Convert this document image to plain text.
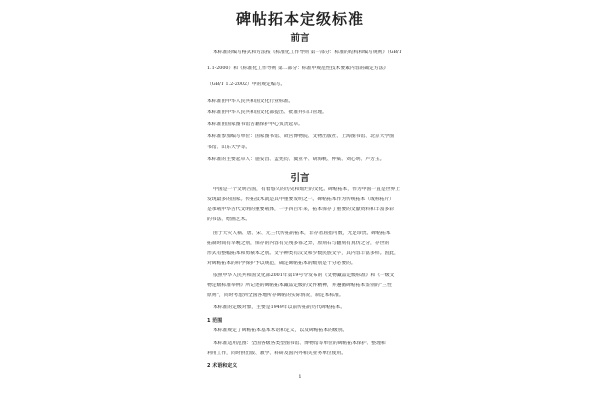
碑帖拓本定级标准
前言
本标准的编写格式和方法按《标准化工作导则 第一部分：标准的结构和编写规则》（GB/T
1.1-2000）和《标准化工作导则 第二部分：标准中规范性技术要素内容的确定方法》
（GB/T 1.2-2002）中的规定编写。
本标准由中华人民共和国文化行业标准。
本标准由中华人民共和国文化部提出、批准并归口管理。
本标准由国家图书馆古籍保护中心负责起草。
本标准参加编写单位：国家图书馆、故宫博物院、文物出版社、上海图书馆、北京大学图
书馆、山东大学等。
本标准的主要起草人：施安昌、孟宪钧、冀亚平、胡海帆、仲威、刘心明、卢芳玉。
引言
中国是一个文明古国，有着悠久的历史和灿烂的文化。碑帖拓本，作为中国一直是世界上
发现最多的国家。传拓技术就是其中重要发明之一。碑帖拓本作为传统拓本（或称拓片）
是承载中华古代文明的重要载体，一手四百年来，拓本保存了重要的文献资料和丰富多彩
的书法、绘画艺术。
由于天灾人祸、唐、宋、元三代传拓的拓本，非存者屈指可数，尤足珍贵。碑帖拓本
拓制时间有早晚之别，保存的内容有完残多寡之异，原刻石与翻刻有真伪之分，存世的
形式有整幅拓本和剪裱本之别。文字种类有汉文和少数民族文字，其内容丰富多样。因此，
对碑帖拓本的科学保护予以规范，确定碑帖拓本的级别是十分必要的。
依照中华人民共和国文化部2001年第19号令发布的《文物藏品定级标准》和《一级文
物定级标准举例》所记述的碑帖拓本藏品定级的文件精神，并遵循碑帖拓本鉴别的“三性
原则”，同时考虑到全国各地所存碑帖的实际情况，制定本标准。
本标准的定级对象，主要是1949年以前传拓的历代碑帖拓本。
1 范围
本标准规定了碑帖拓本基本术语和定义，以及碑帖拓本的级别。
本标准适用范围：全国各级各类型图书馆、博物馆等单位的碑帖拓本保护、整理和
利用工作，同时供出版、教学、科研及国内外相关业务单位使用。
2 术语和定义
1
